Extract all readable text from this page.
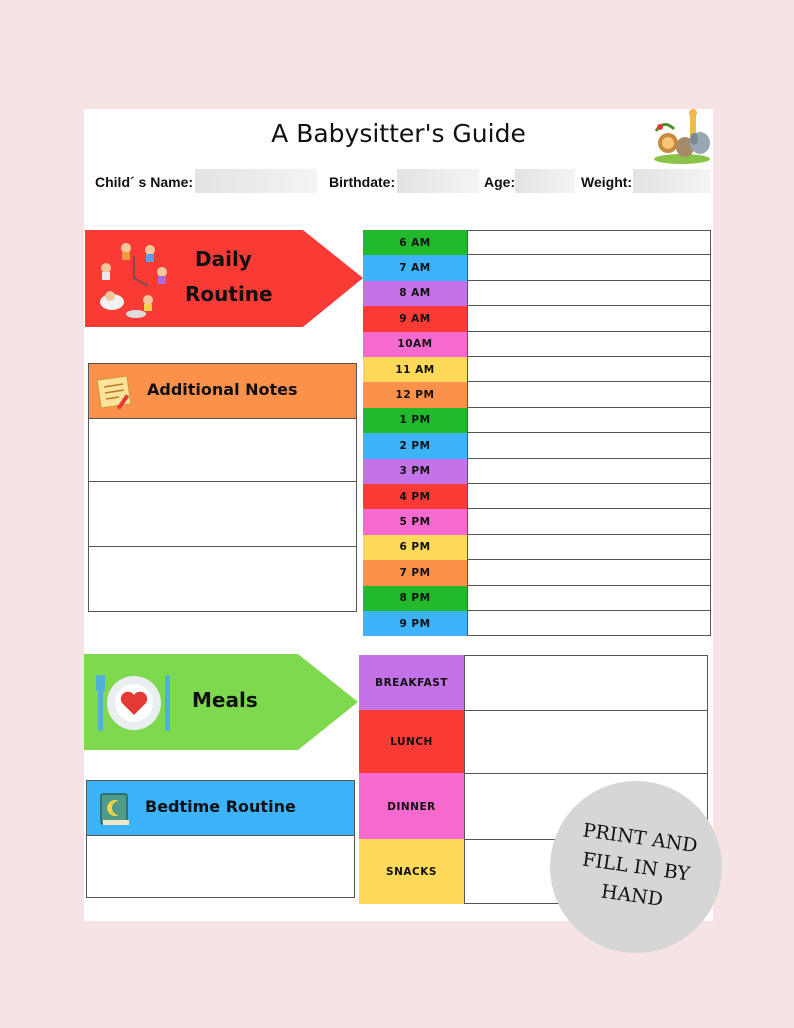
A Babysitter's Guide
Child´ s Name:	Birthdate:	Age:	Weight:
Daily
Routine
Additional Notes
6 AM
7 AM
8 AM
9 AM
10AM
11 AM
12 PM
1 PM
2 PM
3 PM
4 PM
5 PM
6 PM
7 PM
8 PM
9 PM
Meals
Bedtime Routine
BREAKFAST
LUNCH
DINNER
SNACKS
PRINT AND
FILL IN BY
HAND
